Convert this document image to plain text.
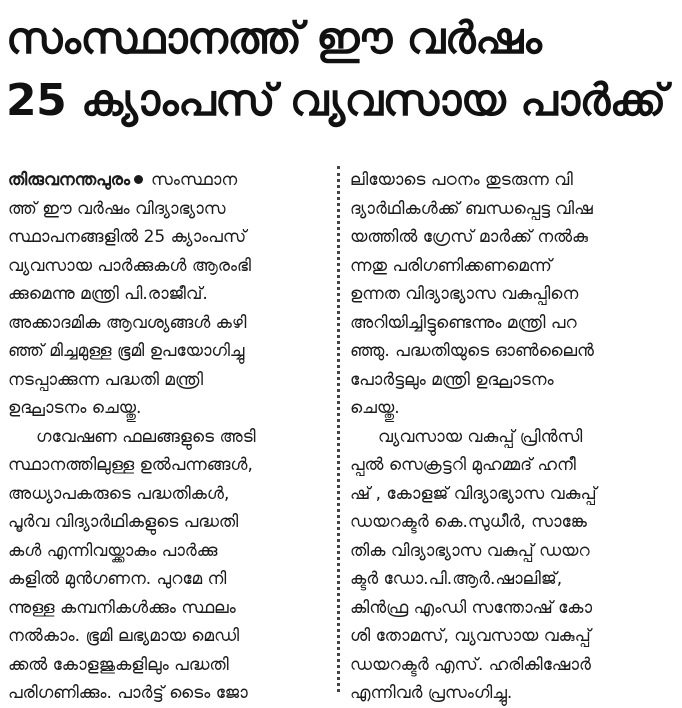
സംസ്ഥാനത്ത് ഈ വർഷം
25 ക്യാംപസ് വ്യവസായ പാർക്ക്
തിരുവനന്തപുരം സംസ്ഥാന
ത്ത് ഈ വർഷം വിദ്യാഭ്യാസ
സ്ഥാപനങ്ങളിൽ 25 ക്യാംപസ്
വ്യവസായ പാർക്കുകൾ ആരംഭി
ക്കുമെന്നു മന്ത്രി പി.രാജീവ്.
അക്കാദമിക ആവശ്യങ്ങൾ കഴി
ഞ്ഞ് മിച്ചമുള്ള ഭൂമി ഉപയോഗിച്ചു
നടപ്പാക്കുന്ന പദ്ധതി മന്ത്രി
ഉദ്ഘാടനം ചെയ്തു.
ഗവേഷണ ഫലങ്ങളുടെ അടി
സ്ഥാനത്തിലുള്ള ഉൽപന്നങ്ങൾ,
അധ്യാപകരുടെ പദ്ധതികൾ,
പൂർവ വിദ്യാർഥികളുടെ പദ്ധതി
കൾ എന്നിവയ്ക്കാകും പാർക്കു
കളിൽ മുൻഗണന. പുറമേ നി
ന്നുള്ള കമ്പനികൾക്കും സ്ഥലം
നൽകാം. ഭൂമി ലഭ്യമായ മെഡി
ക്കൽ കോളജുകളിലും പദ്ധതി
പരിഗണിക്കും. പാർട്ട് ടൈം ജോ
ലിയോടെ പഠനം തുടരുന്ന വി
ദ്യാർഥികൾക്ക് ബന്ധപ്പെട്ട വിഷ
യത്തിൽ ഗ്രേസ് മാർക്ക് നൽകു
ന്നതു പരിഗണിക്കണമെന്ന്
ഉന്നത വിദ്യാഭ്യാസ വകുപ്പിനെ
അറിയിച്ചിട്ടുണ്ടെന്നും മന്ത്രി പറ
ഞ്ഞു. പദ്ധതിയുടെ ഓൺലൈൻ
പോർട്ടലും മന്ത്രി ഉദ്ഘാടനം
ചെയ്തു.
വ്യവസായ വകുപ്പ് പ്രിൻസി
പ്പൽ സെക്രട്ടറി മുഹമ്മദ് ഹനീ
ഷ് , കോളജ് വിദ്യാഭ്യാസ വകുപ്പ്
ഡയറക്ടർ കെ.സുധീർ, സാങ്കേ
തിക വിദ്യാഭ്യാസ വകുപ്പ് ഡയറ
ക്ടർ ഡോ.പി.ആർ.ഷാലിജ്,
കിൻഫ്ര എംഡി സന്തോഷ് കോ
ശി തോമസ്, വ്യവസായ വകുപ്പ്
ഡയറക്ടർ എസ്. ഹരികിഷോർ
എന്നിവർ പ്രസംഗിച്ചു.
